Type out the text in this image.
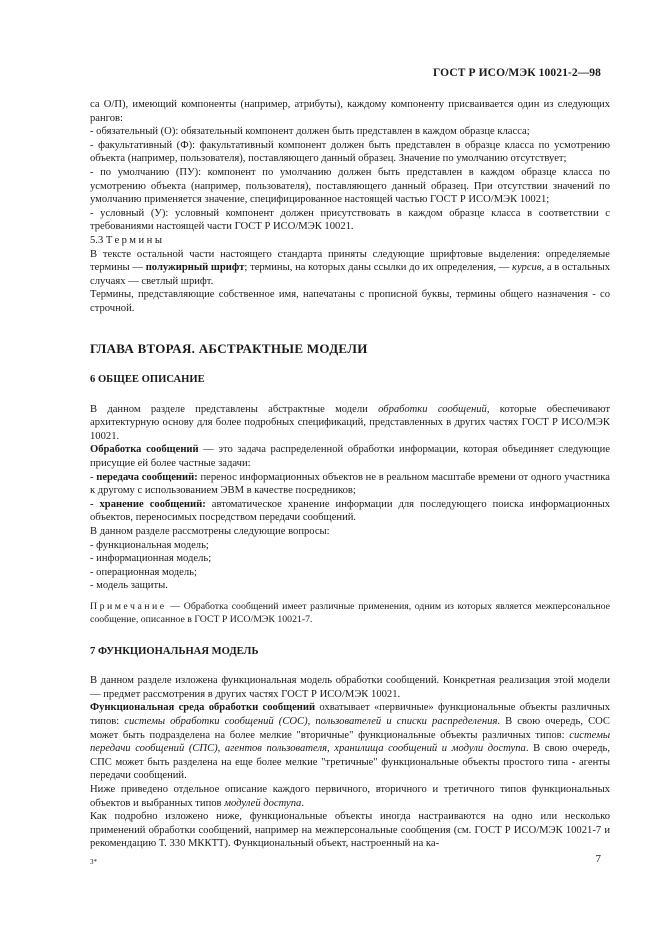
ГОСТ Р ИСО/МЭК 10021-2—98

са О/П), имеющий компоненты (например, атрибуты), каждому компоненту присваивается один из следующих рангов:

- обязательный (О): обязательный компонент должен быть представлен в каждом образце класса;

- факультативный (Ф): факультативный компонент должен быть представлен в образце класса по усмотрению объекта (например, пользователя), поставляющего данный образец. Значение по умолчанию отсутствует;

- по умолчанию (ПУ): компонент по умолчанию должен быть представлен в каждом образце класса по усмотрению объекта (например, пользователя), поставляющего данный образец. При отсутствии значений по умолчанию применяется значение, специфицированное настоящей частью ГОСТ Р ИСО/МЭК 10021;

- условный (У): условный компонент должен присутствовать в каждом образце класса в соответствии с требованиями настоящей части ГОСТ Р ИСО/МЭК 10021.

5.3 Термины

В тексте остальной части настоящего стандарта приняты следующие шрифтовые выделения: определяемые термины — полужирный шрифт; термины, на которых даны ссылки до их определения, — курсив, а в остальных случаях — светлый шрифт.

Термины, представляющие собственное имя, напечатаны с прописной буквы, термины общего назначения - со строчной.

ГЛАВА ВТОРАЯ. АБСТРАКТНЫЕ МОДЕЛИ
6 ОБЩЕЕ ОПИСАНИЕ

В данном разделе представлены абстрактные модели обработки сообщений, которые обеспечивают архитектурную основу для более подробных спецификаций, представленных в других частях ГОСТ Р ИСО/МЭК 10021.

Обработка сообщений — это задача распределенной обработки информации, которая объединяет следующие присущие ей более частные задачи:

- передача сообщений: перенос информационных объектов не в реальном масштабе времени от одного участника к другому с использованием ЭВМ в качестве посредников;

- хранение сообщений: автоматическое хранение информации для последующего поиска информационных объектов, переносимых посредством передачи сообщений.

В данном разделе рассмотрены следующие вопросы:

- функциональная модель;

- информационная модель;

- операционная модель;

- модель защиты.

Примечание — Обработка сообщений имеет различные применения, одним из которых является межперсональное сообщение, описанное в ГОСТ Р ИСО/МЭК 10021-7.

7 ФУНКЦИОНАЛЬНАЯ МОДЕЛЬ

В данном разделе изложена функциональная модель обработки сообщений. Конкретная реализация этой модели — предмет рассмотрения в других частях ГОСТ Р ИСО/МЭК 10021.

Функциональная среда обработки сообщений охватывает «первичные» функциональные объекты различных типов: системы обработки сообщений (СОС), пользователей и списки распределения. В свою очередь, СОС может быть подразделена на более мелкие "вторичные" функциональные объекты различных типов: системы передачи сообщений (СПС), агентов пользователя, хранилища сообщений и модули доступа. В свою очередь, СПС может быть разделена на еще более мелкие "третичные" функциональные объекты простого типа - агенты передачи сообщений.

Ниже приведено отдельное описание каждого первичного, вторичного и третичного типов функциональных объектов и выбранных типов модулей доступа.

Как подробно изложено ниже, функциональные объекты иногда настраиваются на одно или несколько применений обработки сообщений, например на межперсональные сообщения (см. ГОСТ Р ИСО/МЭК 10021-7 и рекомендацию Т. 330 МККТТ). Функциональный объект, настроенный на ка-

3*	7
